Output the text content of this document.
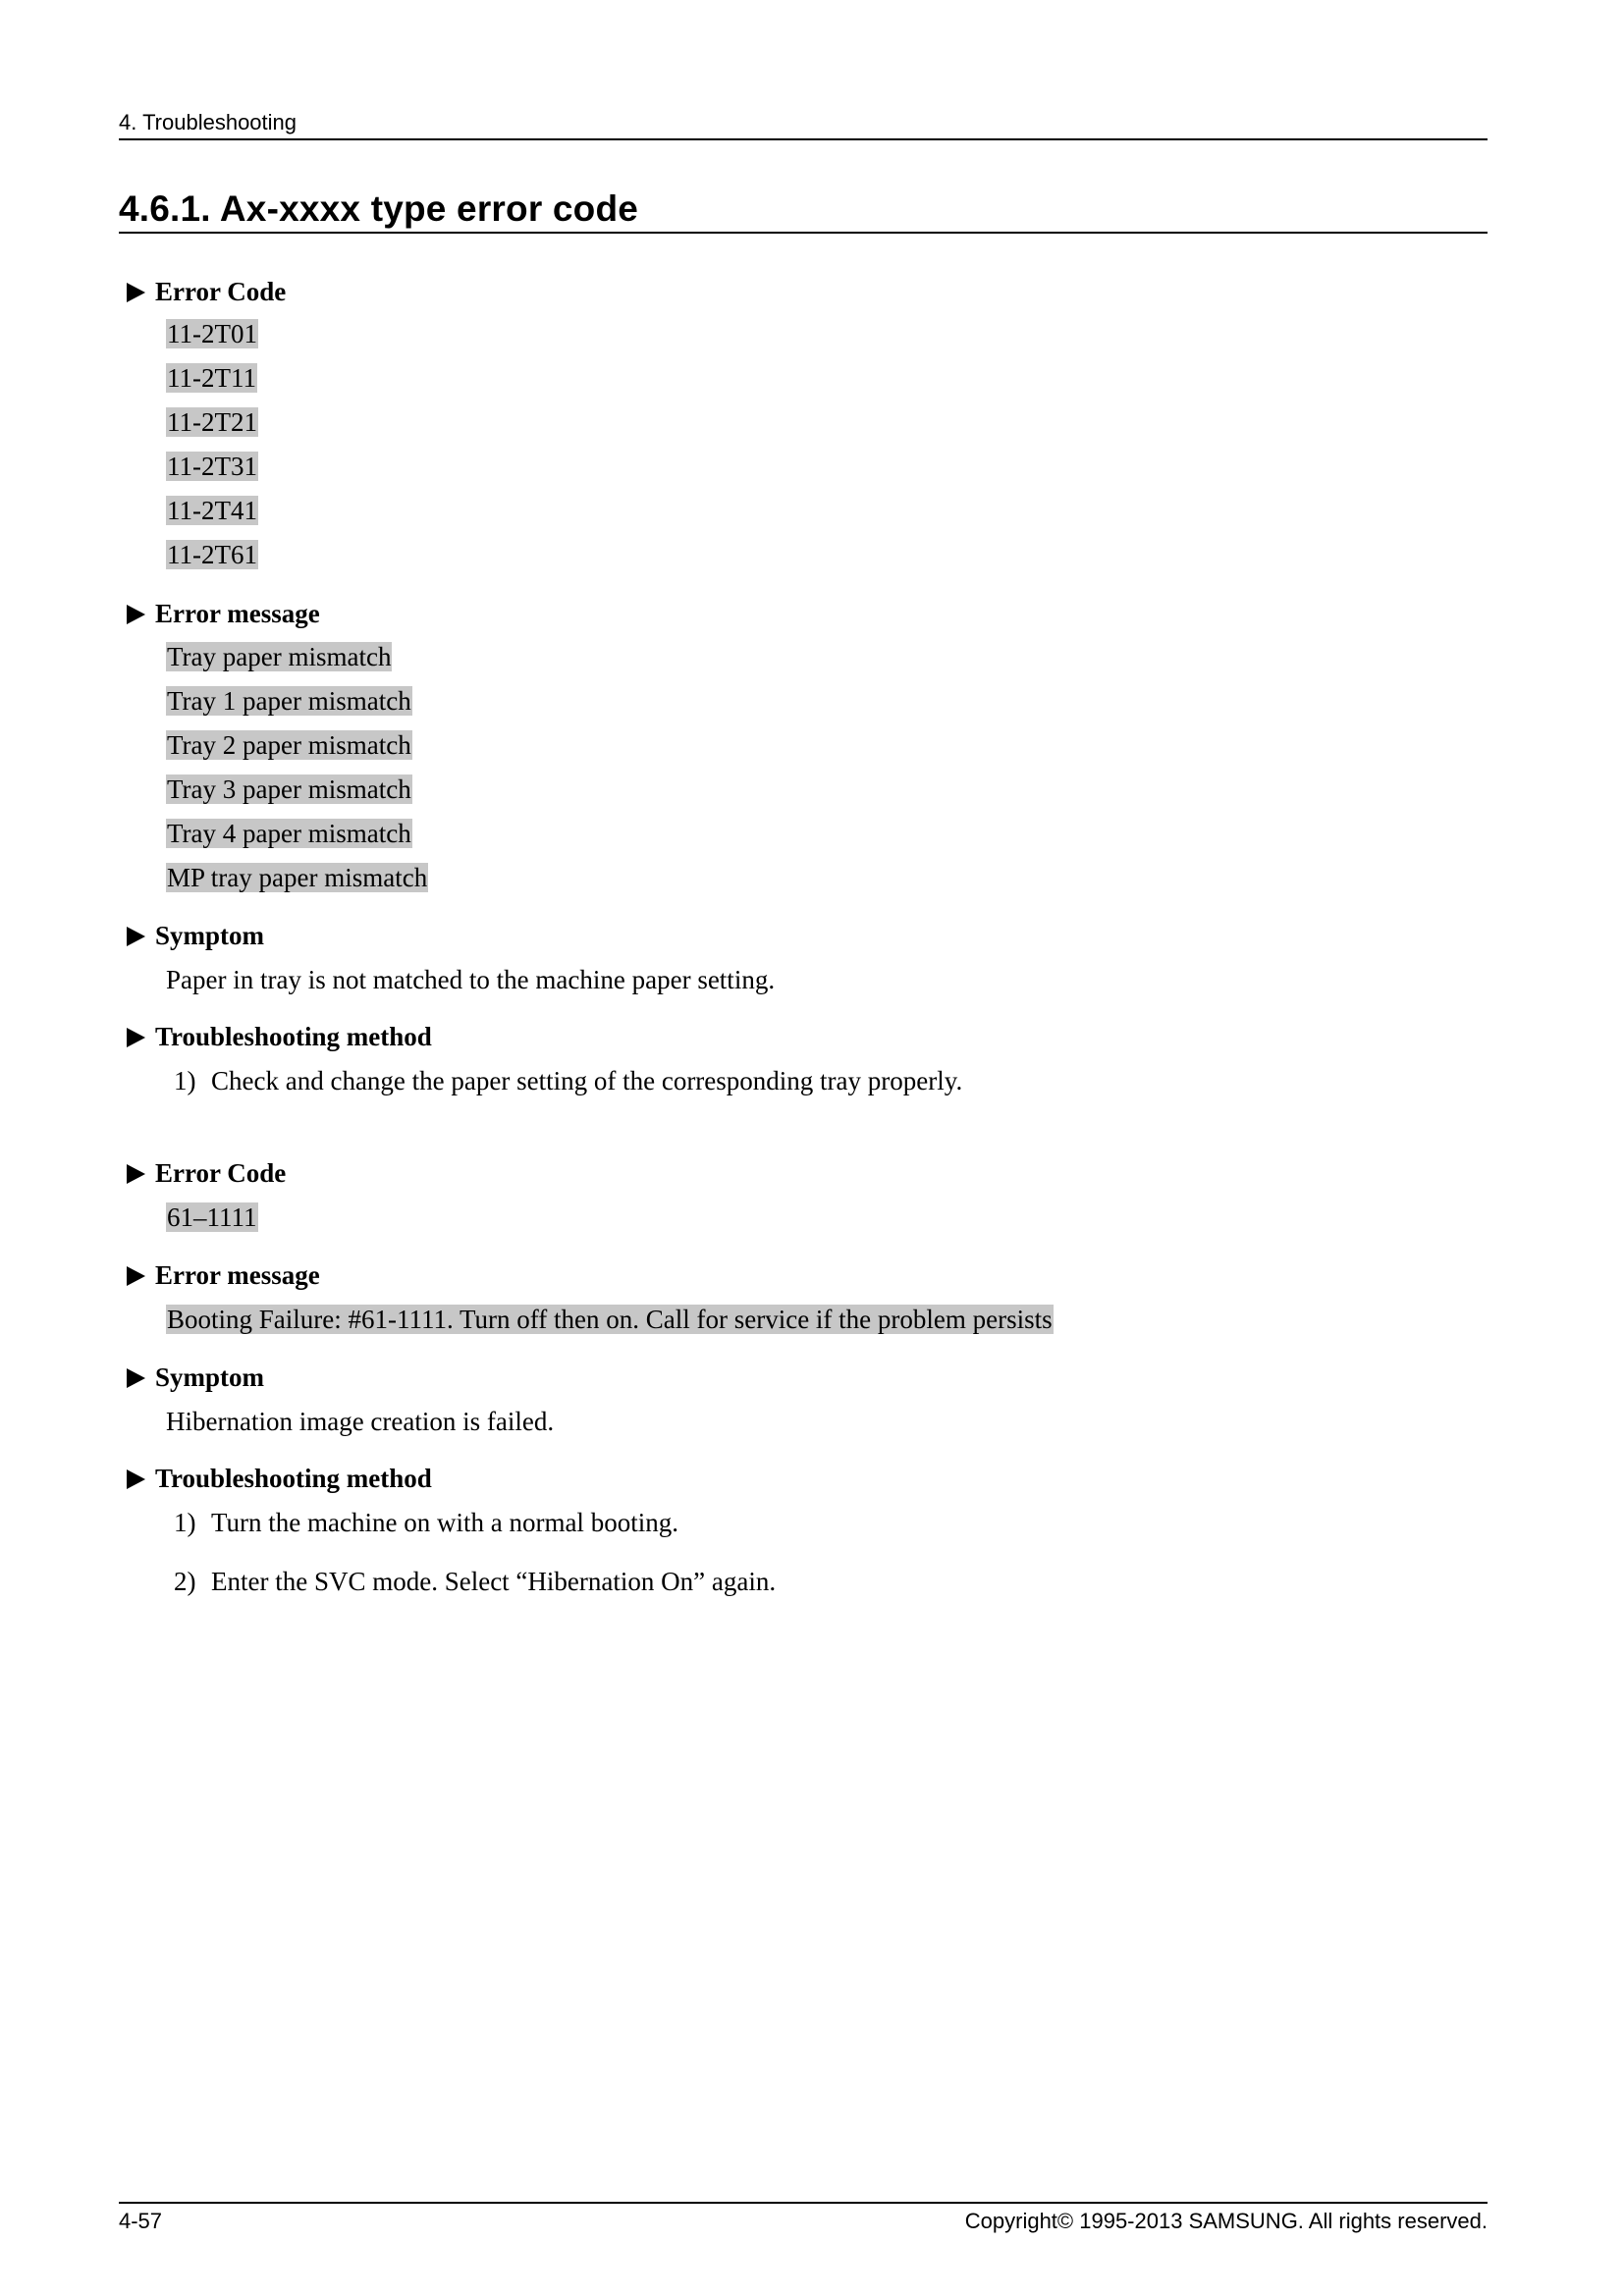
4. Troubleshooting
4.6.1. Ax-xxxx type error code
Error Code
11-2T01
11-2T11
11-2T21
11-2T31
11-2T41
11-2T61
Error message
Tray paper mismatch
Tray 1 paper mismatch
Tray 2 paper mismatch
Tray 3 paper mismatch
Tray 4 paper mismatch
MP tray paper mismatch
Symptom
Paper in tray is not matched to the machine paper setting.
Troubleshooting method
1) Check and change the paper setting of the corresponding tray properly.
Error Code
61–1111
Error message
Booting Failure: #61-1111. Turn off then on. Call for service if the problem persists
Symptom
Hibernation image creation is failed.
Troubleshooting method
1) Turn the machine on with a normal booting.
2) Enter the SVC mode. Select “Hibernation On” again.
4-57	Copyright© 1995-2013 SAMSUNG. All rights reserved.
